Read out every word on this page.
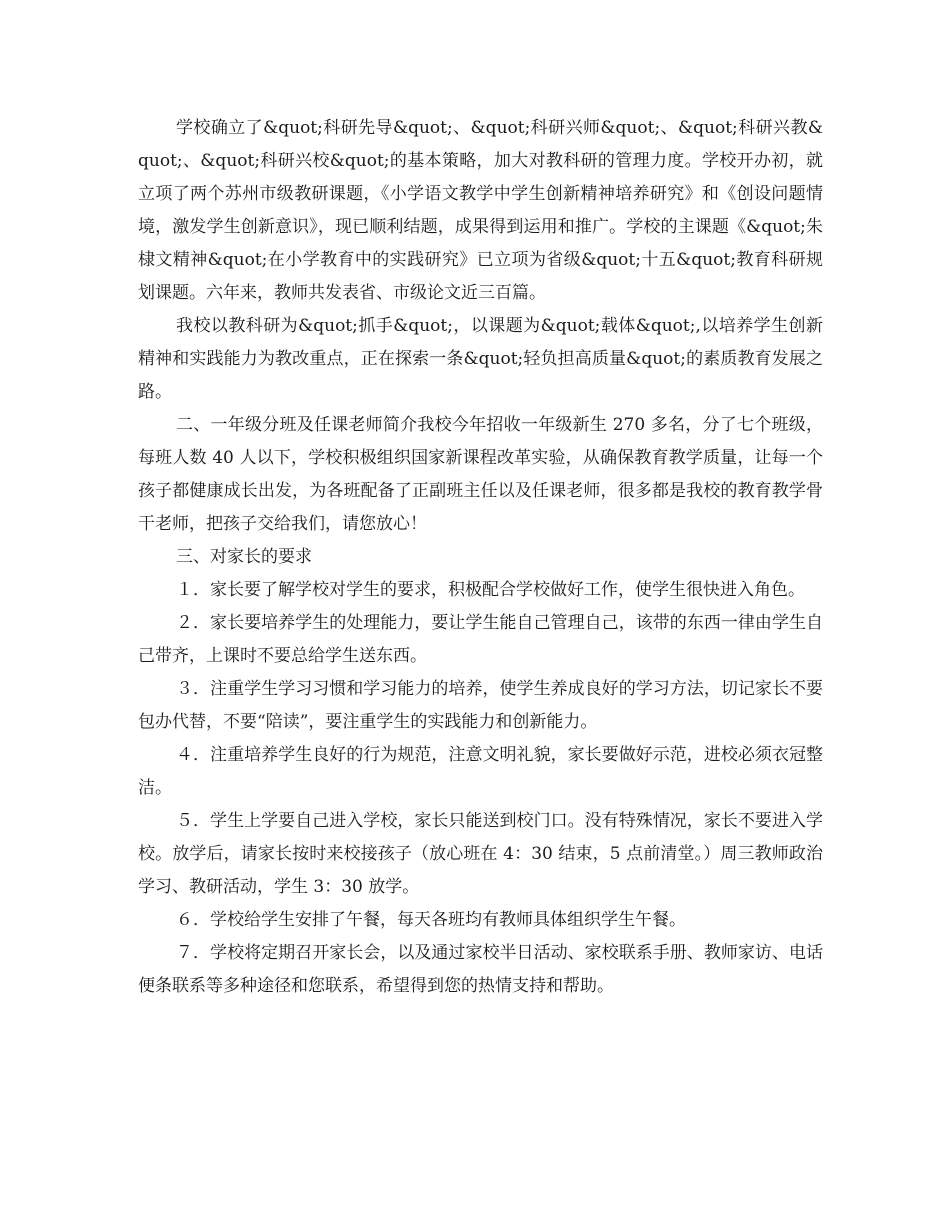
学校确立了&quot;科研先导&quot;、&quot;科研兴师&quot;、&quot;科研兴教&quot;、&quot;科研兴校&quot;的基本策略，加大对教科研的管理力度。学校开办初，就立项了两个苏州市级教研课题，《小学语文教学中学生创新精神培养研究》和《创设问题情境，激发学生创新意识》，现已顺利结题，成果得到运用和推广。学校的主课题《&quot;朱棣文精神&quot;在小学教育中的实践研究》已立项为省级&quot;十五&quot;教育科研规划课题。六年来，教师共发表省、市级论文近三百篇。

我校以教科研为&quot;抓手&quot;，以课题为&quot;载体&quot;,以培养学生创新精神和实践能力为教改重点，正在探索一条&quot;轻负担高质量&quot;的素质教育发展之路。

二、一年级分班及任课老师简介我校今年招收一年级新生 270 多名，分了七个班级，每班人数 40 人以下，学校积极组织国家新课程改革实验，从确保教育教学质量，让每一个孩子都健康成长出发，为各班配备了正副班主任以及任课老师，很多都是我校的教育教学骨干老师，把孩子交给我们，请您放心！

三、对家长的要求

１．家长要了解学校对学生的要求，积极配合学校做好工作，使学生很快进入角色。

２．家长要培养学生的处理能力，要让学生能自己管理自己，该带的东西一律由学生自己带齐，上课时不要总给学生送东西。

３．注重学生学习习惯和学习能力的培养，使学生养成良好的学习方法，切记家长不要包办代替，不要“陪读”，要注重学生的实践能力和创新能力。

４．注重培养学生良好的行为规范，注意文明礼貌，家长要做好示范，进校必须衣冠整洁。

５．学生上学要自己进入学校，家长只能送到校门口。没有特殊情况，家长不要进入学校。放学后，请家长按时来校接孩子（放心班在 4：30 结束，5 点前清堂。）周三教师政治学习、教研活动，学生 3：30 放学。

６．学校给学生安排了午餐，每天各班均有教师具体组织学生午餐。

７．学校将定期召开家长会，以及通过家校半日活动、家校联系手册、教师家访、电话便条联系等多种途径和您联系，希望得到您的热情支持和帮助。
